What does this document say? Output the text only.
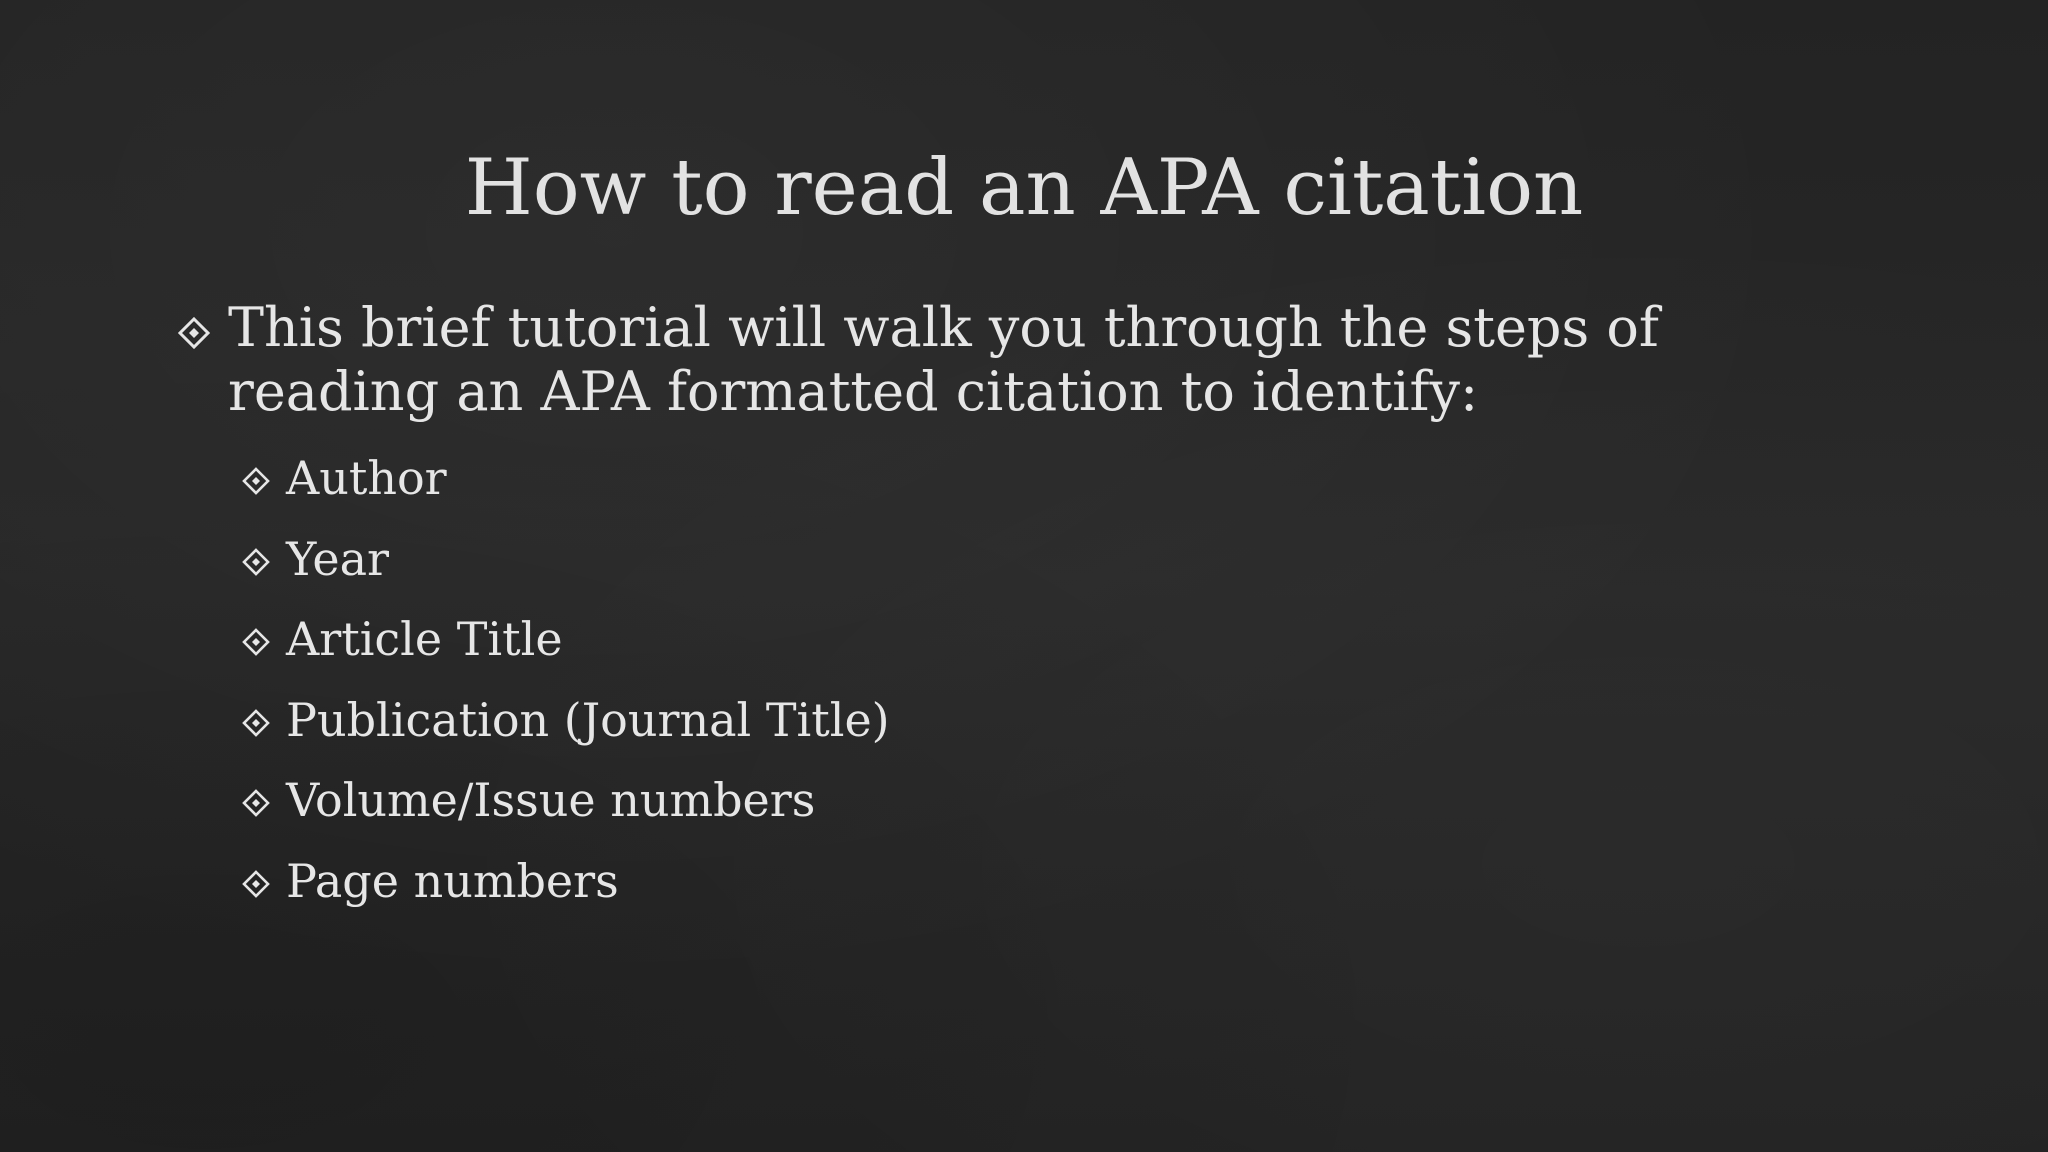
How to read an APA citation
This brief tutorial will walk you through the steps of reading an APA formatted citation to identify:
Author
Year
Article Title
Publication (Journal Title)
Volume/Issue numbers
Page numbers
